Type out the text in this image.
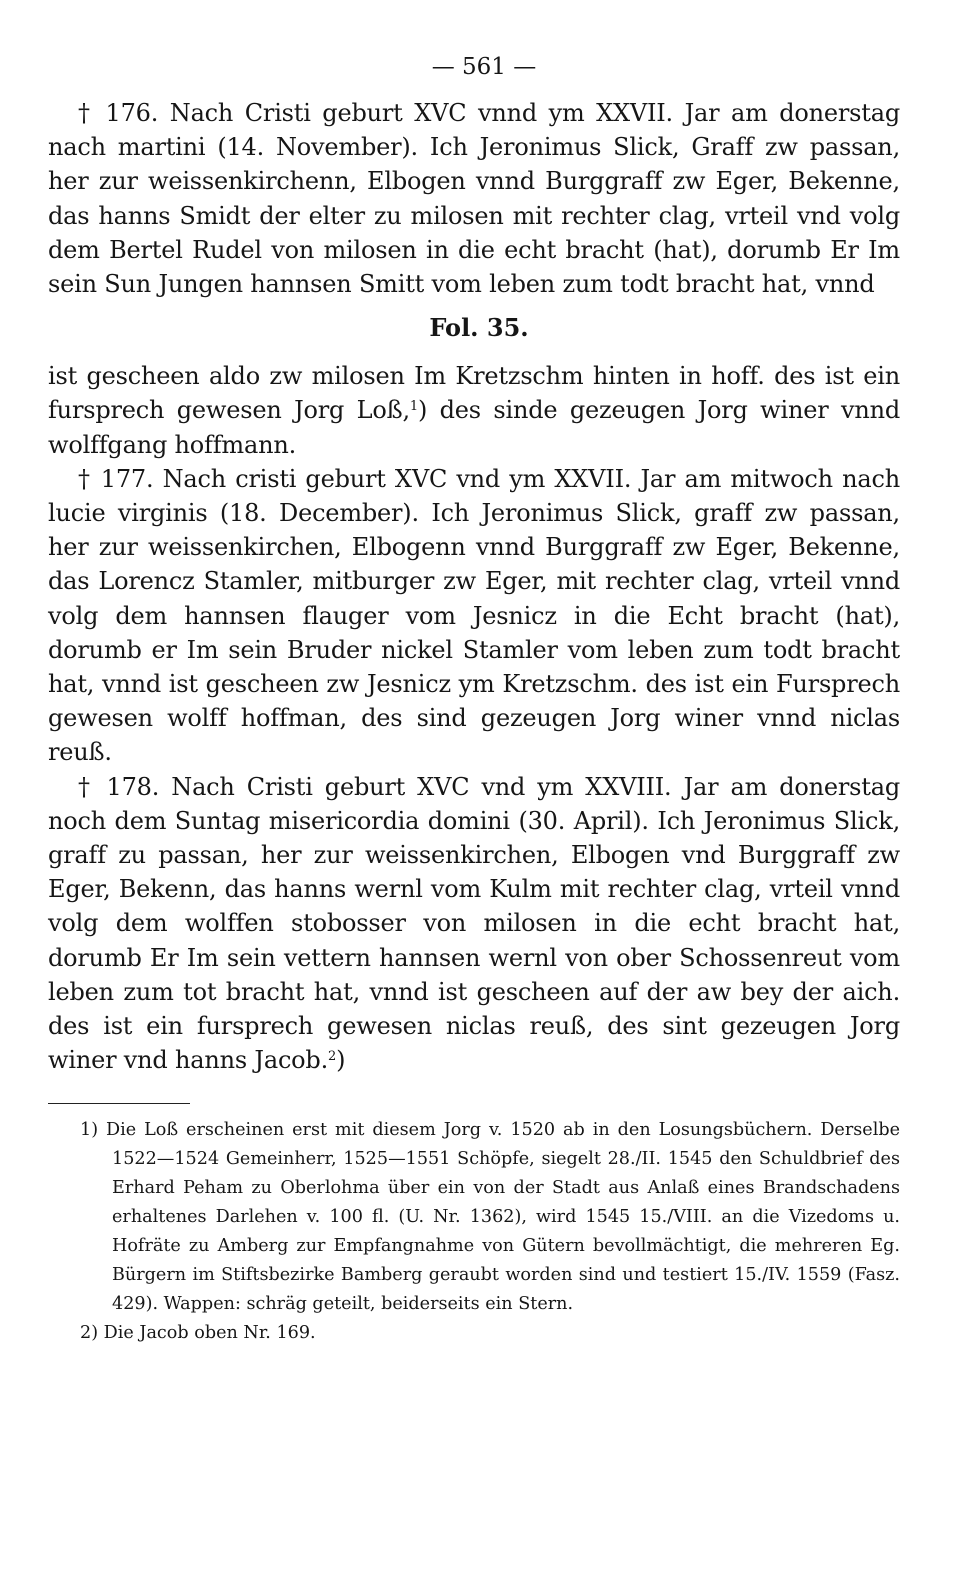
— 561 —

† 176. Nach Cristi geburt XVC vnnd ym XXVII. Jar am donerstag nach martini (14. November). Ich Jeronimus Slick, Graff zw passan, her zur weissenkirchenn, Elbogen vnnd Burggraff zw Eger, Bekenne, das hanns Smidt der elter zu milosen mit rechter clag, vrteil vnd volg dem Bertel Rudel von milosen in die echt bracht (hat), dorumb Er Im sein Sun Jungen hannsen Smitt vom leben zum todt bracht hat, vnnd

Fol. 35.

ist gescheen aldo zw milosen Im Kretzschm hinten in hoff. des ist ein fursprech gewesen Jorg Loß,$^1$) des sinde gezeugen Jorg winer vnnd wolffgang hoffmann.

† 177. Nach cristi geburt XVC vnd ym XXVII. Jar am mitwoch nach lucie virginis (18. December). Ich Jeronimus Slick, graff zw passan, her zur weissenkirchen, Elbogenn vnnd Burggraff zw Eger, Bekenne, das Lorencz Stamler, mitburger zw Eger, mit rechter clag, vrteil vnnd volg dem hannsen flauger vom Jesnicz in die Echt bracht (hat), dorumb er Im sein Bruder nickel Stamler vom leben zum todt bracht hat, vnnd ist gescheen zw Jesnicz ym Kretzschm. des ist ein Fursprech gewesen wolff hoffman, des sind gezeugen Jorg winer vnnd niclas reuß.

† 178. Nach Cristi geburt XVC vnd ym XXVIII. Jar am donerstag noch dem Suntag misericordia domini (30. April). Ich Jeronimus Slick, graff zu passan, her zur weissenkirchen, Elbogen vnd Burggraff zw Eger, Bekenn, das hanns wernl vom Kulm mit rechter clag, vrteil vnnd volg dem wolffen stobosser von milosen in die echt bracht hat, dorumb Er Im sein vettern hannsen wernl von ober Schossenreut vom leben zum tot bracht hat, vnnd ist gescheen auf der aw bey der aich. des ist ein fursprech gewesen niclas reuß, des sint gezeugen Jorg winer vnd hanns Jacob.$^2$)

1) Die Loß erscheinen erst mit diesem Jorg v. 1520 ab in den Losungsbüchern. Derselbe 1522—1524 Gemeinherr, 1525—1551 Schöpfe, siegelt 28./II. 1545 den Schuldbrief des Erhard Peham zu Oberlohma über ein von der Stadt aus Anlaß eines Brandschadens erhaltenes Darlehen v. 100 fl. (U. Nr. 1362), wird 1545 15./VIII. an die Vizedoms u. Hofräte zu Amberg zur Empfangnahme von Gütern bevollmächtigt, die mehreren Eg. Bürgern im Stiftsbezirke Bamberg geraubt worden sind und testiert 15./IV. 1559 (Fasz. 429). Wappen: schräg geteilt, beiderseits ein Stern.

2) Die Jacob oben Nr. 169.
